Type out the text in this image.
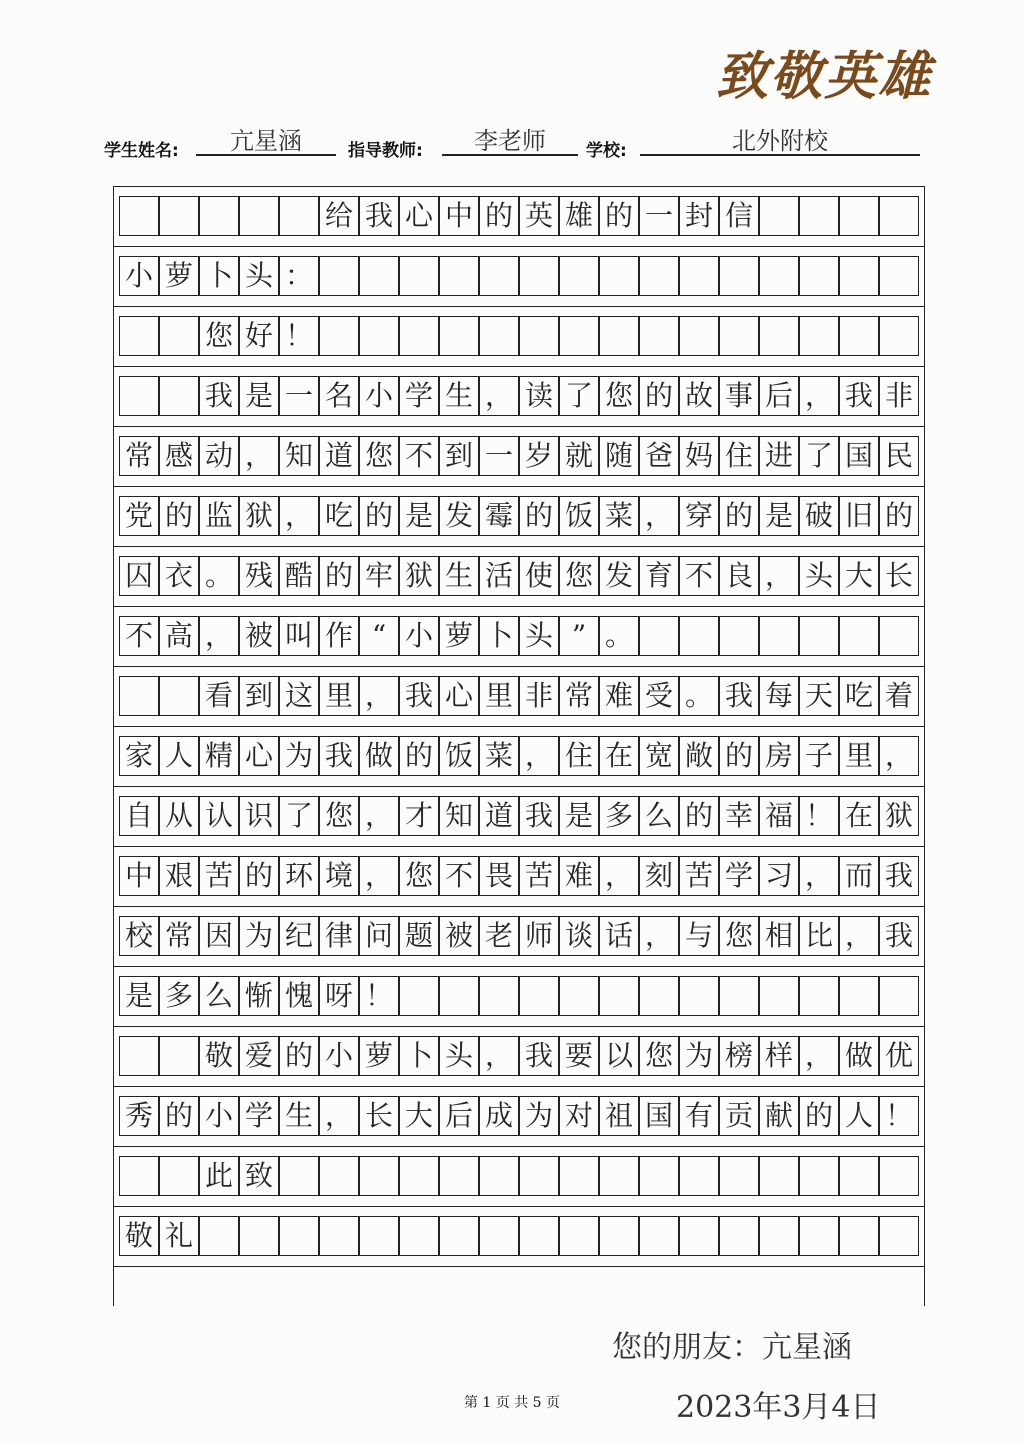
致敬英雄
学生姓名:	亢星涵	指导教师:	李老师	学校:	北外附校
给 我 心 中 的 英 雄 的 一 封 信
小 萝 卜 头 ：
您 好 ！
我 是 一 名 小 学 生 ， 读 了 您 的 故 事 后 ， 我 非
常 感 动 ， 知 道 您 不 到 一 岁 就 随 爸 妈 住 进 了 国 民
党 的 监 狱 ， 吃 的 是 发 霉 的 饭 菜 ， 穿 的 是 破 旧 的
囚 衣 。 残 酷 的 牢 狱 生 活 使 您 发 育 不 良 ， 头 大 长
不 高 ， 被 叫 作 “ 小 萝 卜 头 ” 。
看 到 这 里 ， 我 心 里 非 常 难 受 。 我 每 天 吃 着
家 人 精 心 为 我 做 的 饭 菜 ， 住 在 宽 敞 的 房 子 里 ，
自 从 认 识 了 您 ， 才 知 道 我 是 多 么 的 幸 福 ！ 在 狱
中 艰 苦 的 环 境 ， 您 不 畏 苦 难 ， 刻 苦 学 习 ， 而 我
校 常 因 为 纪 律 问 题 被 老 师 谈 话 ， 与 您 相 比 ， 我
是 多 么 惭 愧 呀 ！
敬 爱 的 小 萝 卜 头 ， 我 要 以 您 为 榜 样 ， 做 优
秀 的 小 学 生 ， 长 大 后 成 为 对 祖 国 有 贡 献 的 人 ！
此 致
敬 礼
您的朋友：亢星涵
2023年3月4日
第 1 页 共 5 页
